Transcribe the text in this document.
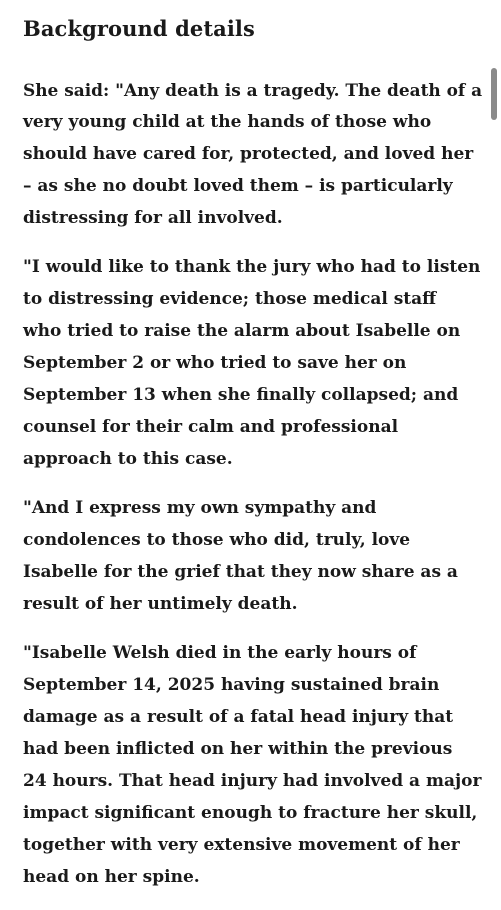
Background details

She said: "Any death is a tragedy. The death of a
very young child at the hands of those who
should have cared for, protected, and loved her
– as she no doubt loved them – is particularly
distressing for all involved.

"I would like to thank the jury who had to listen
to distressing evidence; those medical staff
who tried to raise the alarm about Isabelle on
September 2 or who tried to save her on
September 13 when she finally collapsed; and
counsel for their calm and professional
approach to this case.

"And I express my own sympathy and
condolences to those who did, truly, love
Isabelle for the grief that they now share as a
result of her untimely death.

"Isabelle Welsh died in the early hours of
September 14, 2025 having sustained brain
damage as a result of a fatal head injury that
had been inflicted on her within the previous
24 hours. That head injury had involved a major
impact significant enough to fracture her skull,
together with very extensive movement of her
head on her spine.
